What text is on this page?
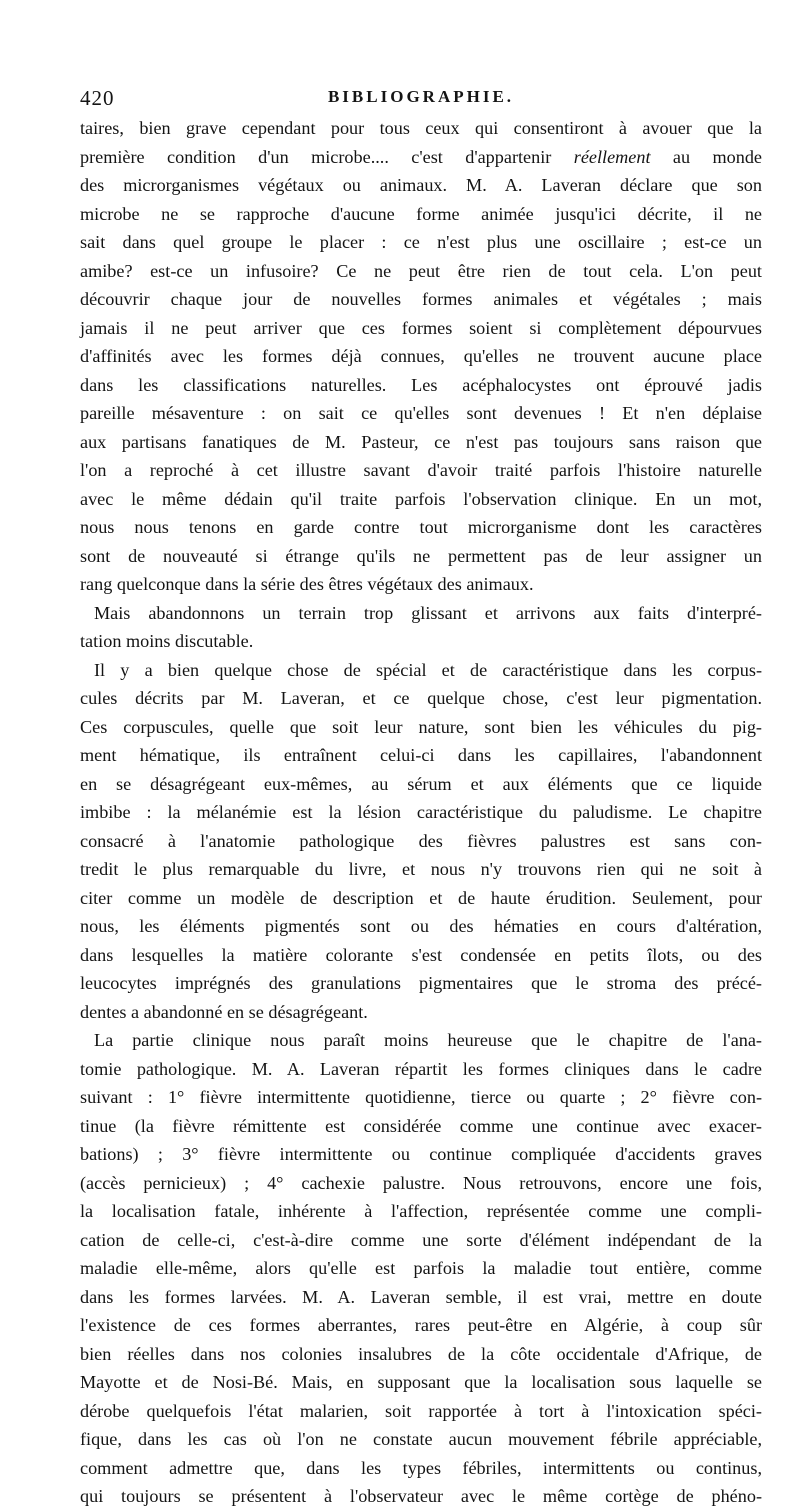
420	BIBLIOGRAPHIE.
taires, bien grave cependant pour tous ceux qui consentiront à avouer que la
première condition d'un microbe.... c'est d'appartenir réellement au monde
des microrganismes végétaux ou animaux. M. A. Laveran déclare que son
microbe ne se rapproche d'aucune forme animée jusqu'ici décrite, il ne
sait dans quel groupe le placer : ce n'est plus une oscillaire ; est-ce un
amibe? est-ce un infusoire? Ce ne peut être rien de tout cela. L'on peut
découvrir chaque jour de nouvelles formes animales et végétales ; mais
jamais il ne peut arriver que ces formes soient si complètement dépourvues
d'affinités avec les formes déjà connues, qu'elles ne trouvent aucune place
dans les classifications naturelles. Les acéphalocystes ont éprouvé jadis
pareille mésaventure : on sait ce qu'elles sont devenues ! Et n'en déplaise
aux partisans fanatiques de M. Pasteur, ce n'est pas toujours sans raison que
l'on a reproché à cet illustre savant d'avoir traité parfois l'histoire naturelle
avec le même dédain qu'il traite parfois l'observation clinique. En un mot,
nous nous tenons en garde contre tout microrganisme dont les caractères
sont de nouveauté si étrange qu'ils ne permettent pas de leur assigner un
rang quelconque dans la série des êtres végétaux des animaux.
Mais abandonnons un terrain trop glissant et arrivons aux faits d'interpré-
tation moins discutable.
Il y a bien quelque chose de spécial et de caractéristique dans les corpus-
cules décrits par M. Laveran, et ce quelque chose, c'est leur pigmentation.
Ces corpuscules, quelle que soit leur nature, sont bien les véhicules du pig-
ment hématique, ils entraînent celui-ci dans les capillaires, l'abandonnent
en se désagrégeant eux-mêmes, au sérum et aux éléments que ce liquide
imbibe : la mélanémie est la lésion caractéristique du paludisme. Le chapitre
consacré à l'anatomie pathologique des fièvres palustres est sans con-
tredit le plus remarquable du livre, et nous n'y trouvons rien qui ne soit à
citer comme un modèle de description et de haute érudition. Seulement, pour
nous, les éléments pigmentés sont ou des hématies en cours d'altération,
dans lesquelles la matière colorante s'est condensée en petits îlots, ou des
leucocytes imprégnés des granulations pigmentaires que le stroma des précé-
dentes a abandonné en se désagrégeant.
La partie clinique nous paraît moins heureuse que le chapitre de l'ana-
tomie pathologique. M. A. Laveran répartit les formes cliniques dans le cadre
suivant : 1° fièvre intermittente quotidienne, tierce ou quarte ; 2° fièvre con-
tinue (la fièvre rémittente est considérée comme une continue avec exacer-
bations) ; 3° fièvre intermittente ou continue compliquée d'accidents graves
(accès pernicieux) ; 4° cachexie palustre. Nous retrouvons, encore une fois,
la localisation fatale, inhérente à l'affection, représentée comme une compli-
cation de celle-ci, c'est-à-dire comme une sorte d'élément indépendant de la
maladie elle-même, alors qu'elle est parfois la maladie tout entière, comme
dans les formes larvées. M. A. Laveran semble, il est vrai, mettre en doute
l'existence de ces formes aberrantes, rares peut-être en Algérie, à coup sûr
bien réelles dans nos colonies insalubres de la côte occidentale d'Afrique, de
Mayotte et de Nosi-Bé. Mais, en supposant que la localisation sous laquelle se
dérobe quelquefois l'état malarien, soit rapportée à tort à l'intoxication spéci-
fique, dans les cas où l'on ne constate aucun mouvement fébrile appréciable,
comment admettre que, dans les types fébriles, intermittents ou continus,
qui toujours se présentent à l'observateur avec le même cortège de phéno-
